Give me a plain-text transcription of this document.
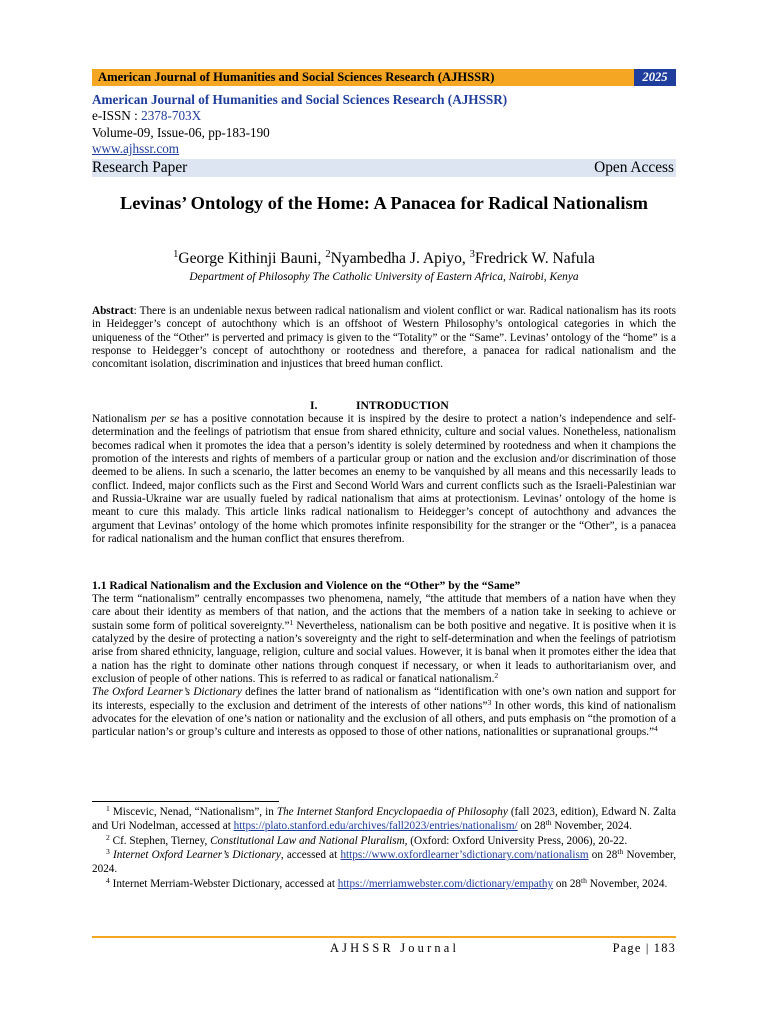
American Journal of Humanities and Social Sciences Research (AJHSSR)	2025
American Journal of Humanities and Social Sciences Research (AJHSSR)
e-ISSN : 2378-703X
Volume-09, Issue-06, pp-183-190
www.ajhssr.com
Research Paper	Open Access
Levinas’ Ontology of the Home: A Panacea for Radical Nationalism
$^1$George Kithinji Bauni, $^2$Nyambedha J. Apiyo, $^3$Fredrick W. Nafula
Department of Philosophy The Catholic University of Eastern Africa, Nairobi, Kenya
Abstract: There is an undeniable nexus between radical nationalism and violent conflict or war. Radical nationalism has its roots in Heidegger’s concept of autochthony which is an offshoot of Western Philosophy’s ontological categories in which the uniqueness of the “Other” is perverted and primacy is given to the “Totality” or the “Same”. Levinas’ ontology of the “home” is a response to Heidegger’s concept of autochthony or rootedness and therefore, a panacea for radical nationalism and the concomitant isolation, discrimination and injustices that breed human conflict.
I.	INTRODUCTION
Nationalism per se has a positive connotation because it is inspired by the desire to protect a nation’s independence and self-determination and the feelings of patriotism that ensue from shared ethnicity, culture and social values. Nonetheless, nationalism becomes radical when it promotes the idea that a person’s identity is solely determined by rootedness and when it champions the promotion of the interests and rights of members of a particular group or nation and the exclusion and/or discrimination of those deemed to be aliens. In such a scenario, the latter becomes an enemy to be vanquished by all means and this necessarily leads to conflict. Indeed, major conflicts such as the First and Second World Wars and current conflicts such as the Israeli-Palestinian war and Russia-Ukraine war are usually fueled by radical nationalism that aims at protectionism. Levinas’ ontology of the home is meant to cure this malady. This article links radical nationalism to Heidegger’s concept of autochthony and advances the argument that Levinas’ ontology of the home which promotes infinite responsibility for the stranger or the “Other”, is a panacea for radical nationalism and the human conflict that ensures therefrom.
1.1 Radical Nationalism and the Exclusion and Violence on the “Other” by the “Same”

The term “nationalism” centrally encompasses two phenomena, namely, “the attitude that members of a nation have when they care about their identity as members of that nation, and the actions that the members of a nation take in seeking to achieve or sustain some form of political sovereignty.”$^1$ Nevertheless, nationalism can be both positive and negative. It is positive when it is catalyzed by the desire of protecting a nation’s sovereignty and the right to self-determination and when the feelings of patriotism arise from shared ethnicity, language, religion, culture and social values. However, it is banal when it promotes either the idea that a nation has the right to dominate other nations through conquest if necessary, or when it leads to authoritarianism over, and exclusion of people of other nations. This is referred to as radical or fanatical nationalism.$^2$

The Oxford Learner’s Dictionary defines the latter brand of nationalism as “identification with one’s own nation and support for its interests, especially to the exclusion and detriment of the interests of other nations”$^3$ In other words, this kind of nationalism advocates for the elevation of one’s nation or nationality and the exclusion of all others, and puts emphasis on “the promotion of a particular nation’s or group’s culture and interests as opposed to those of other nations, nationalities or supranational groups.”$^4$

$^1$ Miscevic, Nenad, “Nationalism”, in The Internet Stanford Encyclopaedia of Philosophy (fall 2023, edition), Edward N. Zalta and Uri Nodelman, accessed at https://plato.stanford.edu/archives/fall2023/entries/nationalism/ on 28th November, 2024.

$^2$ Cf. Stephen, Tierney, Constitutional Law and National Pluralism, (Oxford: Oxford University Press, 2006), 20-22.

$^3$ Internet Oxford Learner’s Dictionary, accessed at https://www.oxfordlearner’sdictionary.com/nationalism on 28th November, 2024.

$^4$ Internet Merriam-Webster Dictionary, accessed at https://merriamwebster.com/dictionary/empathy on 28th November, 2024.

AJHSSR Journal	Page | 183
